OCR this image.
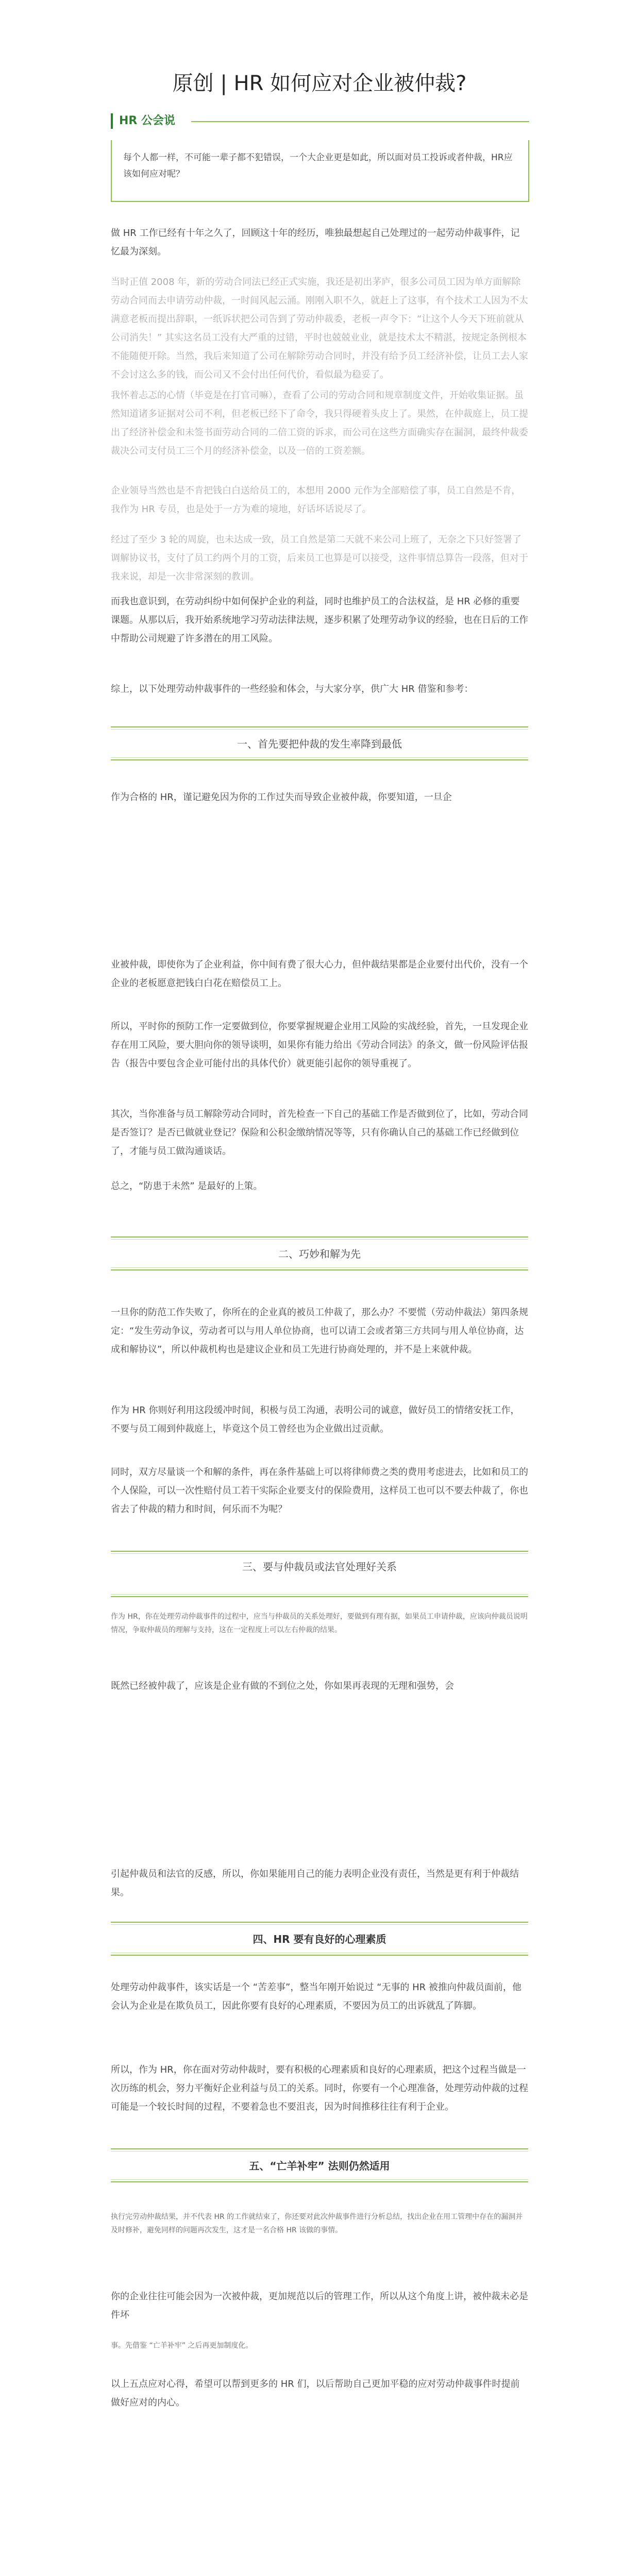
原创 | HR 如何应对企业被仲裁?
HR 公会说
每个人都一样，不可能一辈子都不犯错误，一个大企业更是如此，所以面对员工投诉或者仲裁，HR应该如何应对呢？
做 HR 工作已经有十年之久了，回顾这十年的经历，唯独最想起自己处理过的一起劳动仲裁事件，记忆最为深刻。
当时正值 2008 年，新的劳动合同法已经正式实施，我还是初出茅庐，很多公司员工因为单方面解除劳动合同而去申请劳动仲裁，一时间风起云涌。刚刚入职不久，就赶上了这事，有个技术工人因为不太满意老板而提出辞职，一纸诉状把公司告到了劳动仲裁委，老板一声令下：“让这个人今天下班前就从公司消失！” 其实这名员工没有大严重的过错，平时也兢兢业业，就是技术太不精湛，按规定条例根本不能随便开除。当然，我后来知道了公司在解除劳动合同时，并没有给予员工经济补偿，让员工去人家不会讨这么多的钱，而公司又不会付出任何代价，看似最为稳妥了。
我怀着忐忑的心情（毕竟是在打官司嘛），查看了公司的劳动合同和规章制度文件，开始收集证据。虽然知道诸多证据对公司不利，但老板已经下了命令，我只得硬着头皮上了。果然，在仲裁庭上，员工提出了经济补偿金和未签书面劳动合同的二倍工资的诉求，而公司在这些方面确实存在漏洞，最终仲裁委裁决公司支付员工三个月的经济补偿金，以及一倍的工资差额。
企业领导当然也是不肯把钱白白送给员工的，本想用 2000 元作为全部赔偿了事，员工自然是不肯，我作为 HR 专员，也是处于一方为难的境地，好话坏话说尽了。
经过了至少 3 轮的周旋，也未达成一致，员工自然是第二天就不来公司上班了，无奈之下只好签署了调解协议书，支付了员工约两个月的工资，后来员工也算是可以接受，这件事情总算告一段落，但对于我来说，却是一次非常深刻的教训。
而我也意识到，在劳动纠纷中如何保护企业的利益，同时也维护员工的合法权益，是 HR 必修的重要课题。从那以后，我开始系统地学习劳动法律法规，逐步积累了处理劳动争议的经验，也在日后的工作中帮助公司规避了许多潜在的用工风险。
综上，以下处理劳动仲裁事件的一些经验和体会，与大家分享，供广大 HR 借鉴和参考：
一、首先要把仲裁的发生率降到最低
作为合格的 HR，谨记避免因为你的工作过失而导致企业被仲裁，你要知道，一旦企
业被仲裁，即使你为了企业利益，你中间有费了很大心力，但仲裁结果都是企业要付出代价，没有一个企业的老板愿意把钱白白花在赔偿员工上。
所以，平时你的预防工作一定要做到位，你要掌握规避企业用工风险的实战经验，首先，一旦发现企业存在用工风险，要大胆向你的领导谈明，如果你有能力给出《劳动合同法》的条文，做一份风险评估报告（报告中要包含企业可能付出的具体代价）就更能引起你的领导重视了。
其次，当你准备与员工解除劳动合同时，首先检查一下自己的基础工作是否做到位了，比如，劳动合同是否签订？是否已做就业登记？保险和公积金缴纳情况等等，只有你确认自己的基础工作已经做到位了，才能与员工做沟通谈话。
总之，“防患于未然” 是最好的上策。
二、巧妙和解为先
一旦你的防范工作失败了，你所在的企业真的被员工仲裁了，那么办？不要慌（劳动仲裁法）第四条规定：“发生劳动争议，劳动者可以与用人单位协商，也可以请工会或者第三方共同与用人单位协商，达成和解协议”，所以仲裁机构也是建议企业和员工先进行协商处理的，并不是上来就仲裁。
作为 HR 你则好利用这段缓冲时间，积极与员工沟通，表明公司的诚意，做好员工的情绪安抚工作，不要与员工闹到仲裁庭上，毕竟这个员工曾经也为企业做出过贡献。
同时，双方尽量谈一个和解的条件，再在条件基础上可以将律师费之类的费用考虑进去，比如和员工的个人保险，可以一次性赔付员工若干实际企业要支付的保险费用，这样员工也可以不要去仲裁了，你也省去了仲裁的精力和时间，何乐而不为呢？
三、要与仲裁员或法官处理好关系
作为 HR，你在处理劳动仲裁事件的过程中，应当与仲裁员的关系处理好，要做到有理有据，如果员工申请仲裁，应该向仲裁员说明情况，争取仲裁员的理解与支持，这在一定程度上可以左右仲裁的结果。
既然已经被仲裁了，应该是企业有做的不到位之处，你如果再表现的无理和强势，会
引起仲裁员和法官的反感，所以，你如果能用自己的能力表明企业没有责任，当然是更有利于仲裁结果。
四、HR 要有良好的心理素质
处理劳动仲裁事件，该实话是一个 “苦差事”，整当年刚开始说过 “无事的 HR 被推向仲裁员面前，他会认为企业是在欺负员工，因此你要有良好的心理素质，不要因为员工的出诉就乱了阵脚。
所以，作为 HR，你在面对劳动仲裁时，要有积极的心理素质和良好的心理素质，把这个过程当做是一次历练的机会，努力平衡好企业利益与员工的关系。同时，你要有一个心理准备，处理劳动仲裁的过程可能是一个较长时间的过程，不要着急也不要沮丧，因为时间推移往往有利于企业。
五、“亡羊补牢” 法则仍然适用
执行完劳动仲裁结果，并不代表 HR 的工作就结束了，你还要对此次仲裁事件进行分析总结，找出企业在用工管理中存在的漏洞并及时修补，避免同样的问题再次发生，这才是一名合格 HR 该做的事情。
你的企业往往可能会因为一次被仲裁，更加规范以后的管理工作，所以从这个角度上讲，被仲裁未必是件坏
事。先借鉴 “亡羊补牢” 之后再更加制度化。
以上五点应对心得，希望可以帮到更多的 HR 们，以后帮助自己更加平稳的应对劳动仲裁事件时提前做好应对的内心。
